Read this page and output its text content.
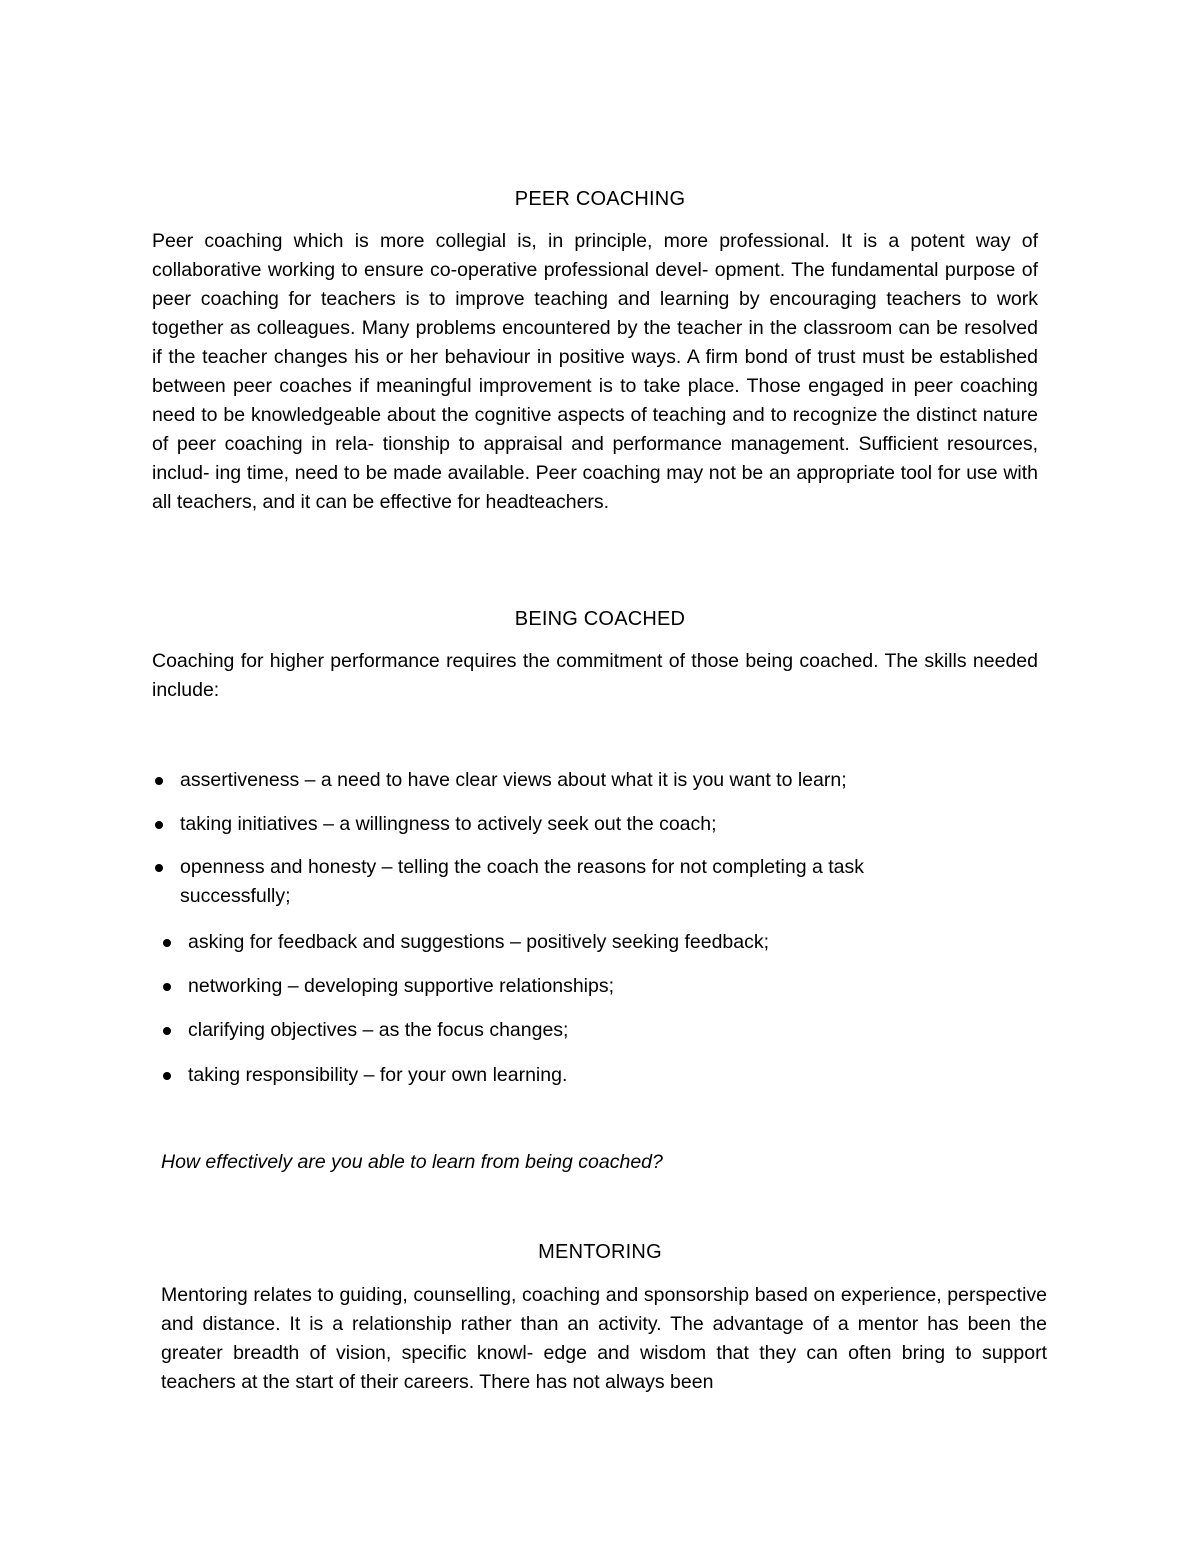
PEER COACHING

Peer coaching which is more collegial is, in principle, more professional. It is a potent way of collaborative working to ensure co-operative professional devel- opment. The fundamental purpose of peer coaching for teachers is to improve teaching and learning by encouraging teachers to work together as colleagues. Many problems encountered by the teacher in the classroom can be resolved if the teacher changes his or her behaviour in positive ways. A firm bond of trust must be established between peer coaches if meaningful improvement is to take place. Those engaged in peer coaching need to be knowledgeable about the cognitive aspects of teaching and to recognize the distinct nature of peer coaching in rela- tionship to appraisal and performance management. Sufficient resources, includ- ing time, need to be made available. Peer coaching may not be an appropriate tool for use with all teachers, and it can be effective for headteachers.

BEING COACHED

Coaching for higher performance requires the commitment of those being coached. The skills needed include:

assertiveness – a need to have clear views about what it is you want to learn;
taking initiatives – a willingness to actively seek out the coach;
openness and honesty – telling the coach the reasons for not completing a task successfully;
asking for feedback and suggestions – positively seeking feedback;
networking – developing supportive relationships;
clarifying objectives – as the focus changes;
taking responsibility – for your own learning.

How effectively are you able to learn from being coached?

MENTORING

Mentoring relates to guiding, counselling, coaching and sponsorship based on experience, perspective and distance. It is a relationship rather than an activity. The advantage of a mentor has been the greater breadth of vision, specific knowl- edge and wisdom that they can often bring to support teachers at the start of their careers. There has not always been
